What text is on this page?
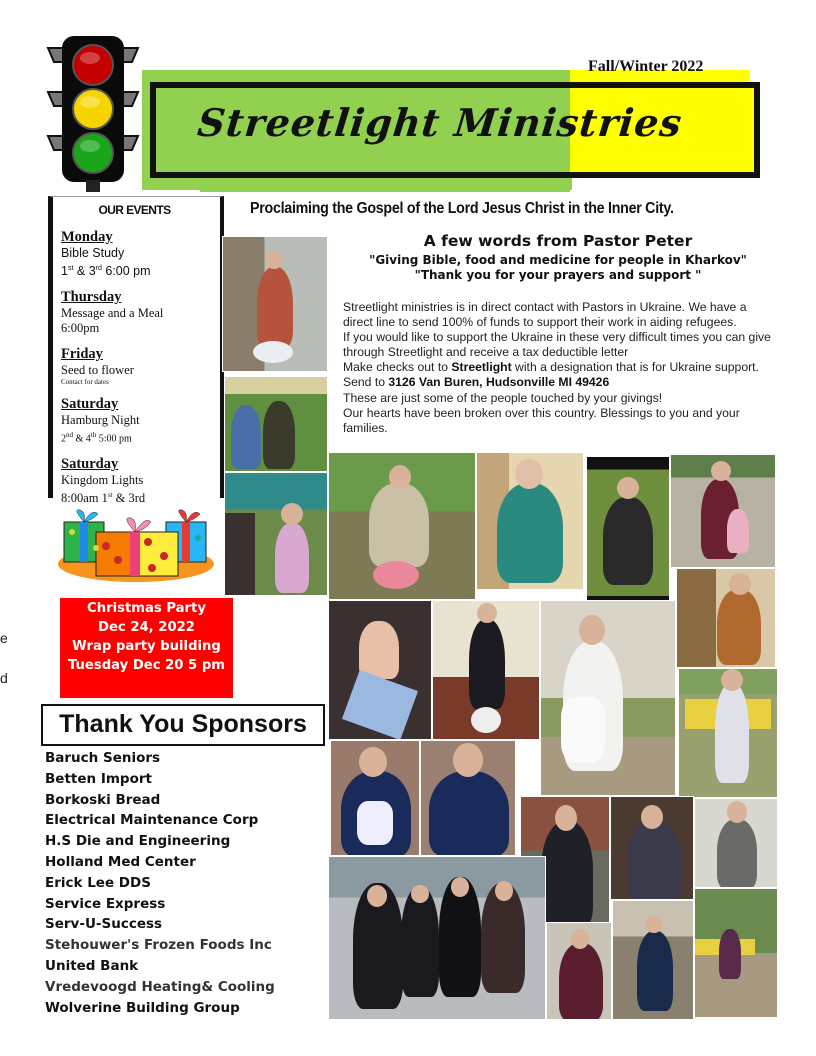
Streetlight Ministries
Fall/Winter 2022
Proclaiming the Gospel of the Lord Jesus Christ in the Inner City.
OUR EVENTS
Monday
Bible Study
1st & 3rd 6:00 pm
Thursday
Message and a Meal
6:00pm
Friday
Seed to flower
Contact for dates
Saturday
Hamburg Night
2nd & 4th 5:00 pm
Saturday
Kingdom Lights
8:00am 1st & 3rd
Christmas Party
Dec 24, 2022
Wrap party building
Tuesday Dec 20 5 pm
e
d
Thank You Sponsors
Baruch Seniors
Betten Import
Borkoski Bread
Electrical Maintenance Corp
H.S Die and Engineering
Holland Med Center
Erick Lee DDS
Service Express
Serv-U-Success
Stehouwer's Frozen Foods Inc
United Bank
Vredevoogd Heating& Cooling
Wolverine Building Group
A few words from Pastor Peter
"Giving Bible, food and medicine for people in Kharkov"
"Thank you for your prayers and support "
Streetlight ministries is in direct contact with Pastors in Ukraine. We have a direct line to send 100% of funds to support their work in aiding refugees.
If you would like to support the Ukraine in these very difficult times you can give through Streetlight and receive a tax deductible letter
Make checks out to Streetlight with a designation that is for Ukraine support. Send to 3126 Van Buren, Hudsonville MI 49426
These are just some of the people touched by your givings!
Our hearts have been broken over this country. Blessings to you and your families.
